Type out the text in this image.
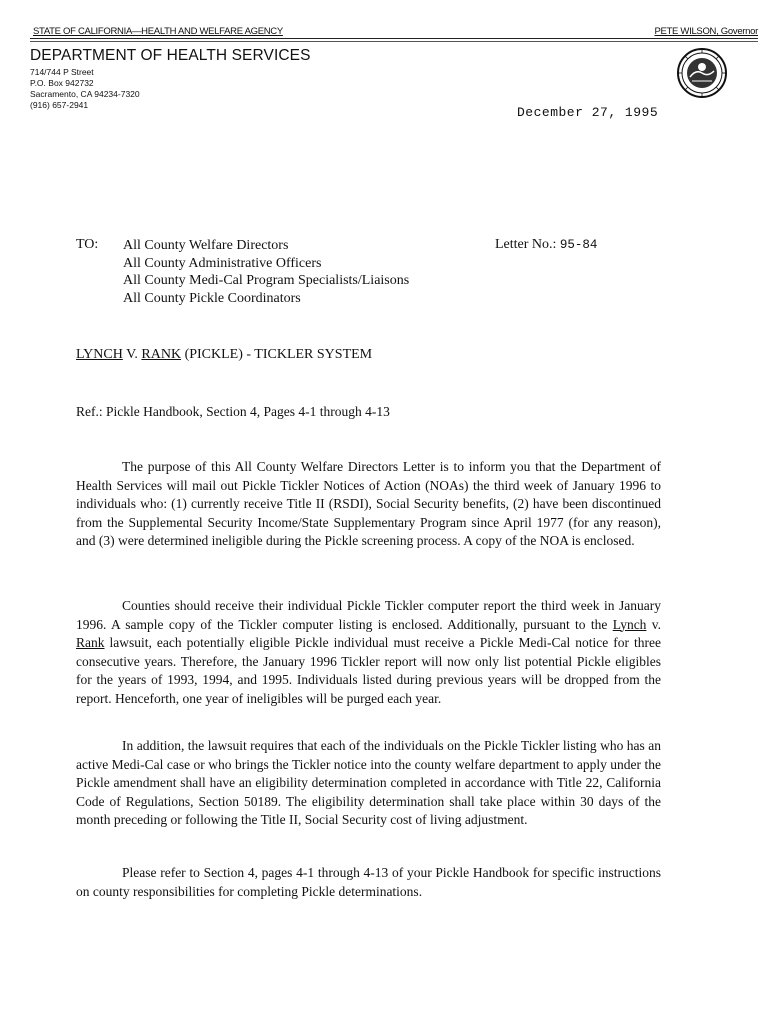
STATE OF CALIFORNIA—HEALTH AND WELFARE AGENCY	PETE WILSON, Governor
DEPARTMENT OF HEALTH SERVICES
714/744 P Street
P.O. Box 942732
Sacramento, CA 94234-7320
(916) 657-2941	December 27, 1995
TO: All County Welfare Directors
All County Administrative Officers
All County Medi-Cal Program Specialists/Liaisons
All County Pickle Coordinators
Letter No.: 95-84
LYNCH V. RANK (PICKLE) - TICKLER SYSTEM
Ref.: Pickle Handbook, Section 4, Pages 4-1 through 4-13
The purpose of this All County Welfare Directors Letter is to inform you that the Department of Health Services will mail out Pickle Tickler Notices of Action (NOAs) the third week of January 1996 to individuals who: (1) currently receive Title II (RSDI), Social Security benefits, (2) have been discontinued from the Supplemental Security Income/State Supplementary Program since April 1977 (for any reason), and (3) were determined ineligible during the Pickle screening process. A copy of the NOA is enclosed.
Counties should receive their individual Pickle Tickler computer report the third week in January 1996. A sample copy of the Tickler computer listing is enclosed. Additionally, pursuant to the Lynch v. Rank lawsuit, each potentially eligible Pickle individual must receive a Pickle Medi-Cal notice for three consecutive years. Therefore, the January 1996 Tickler report will now only list potential Pickle eligibles for the years of 1993, 1994, and 1995. Individuals listed during previous years will be dropped from the report. Henceforth, one year of ineligibles will be purged each year.
In addition, the lawsuit requires that each of the individuals on the Pickle Tickler listing who has an active Medi-Cal case or who brings the Tickler notice into the county welfare department to apply under the Pickle amendment shall have an eligibility determination completed in accordance with Title 22, California Code of Regulations, Section 50189. The eligibility determination shall take place within 30 days of the month preceding or following the Title II, Social Security cost of living adjustment.
Please refer to Section 4, pages 4-1 through 4-13 of your Pickle Handbook for specific instructions on county responsibilities for completing Pickle determinations.
